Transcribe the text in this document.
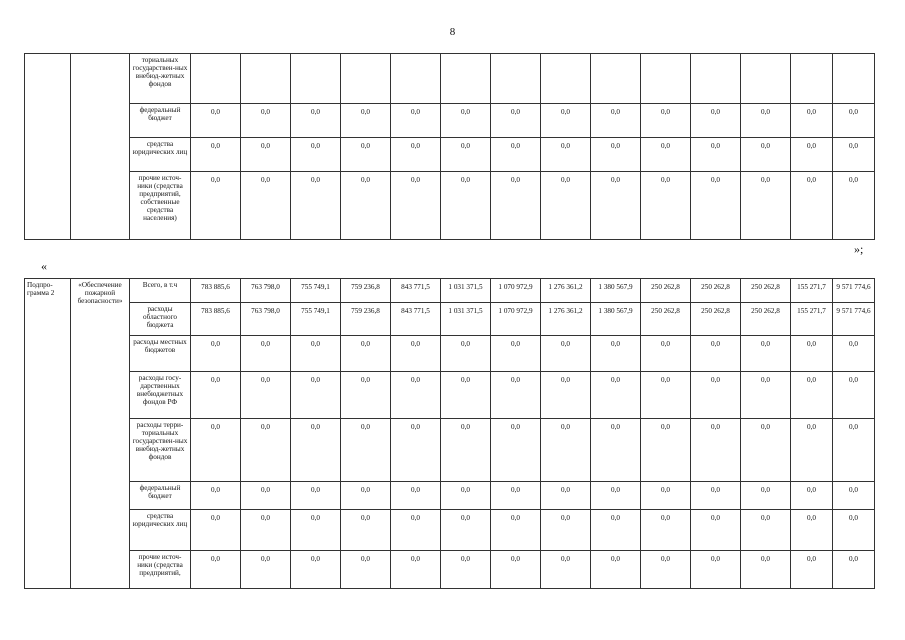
8
»;
«
		ториальных государствен-ных внебюд-жетных фондов														
		федеральный бюджет	0,0	0,0	0,0	0,0	0,0	0,0	0,0	0,0	0,0	0,0	0,0	0,0	0,0	0,0
		средства юридических лиц	0,0	0,0	0,0	0,0	0,0	0,0	0,0	0,0	0,0	0,0	0,0	0,0	0,0	0,0
		прочие источ-ники (средства предприятий, собственные средства населения)	0,0	0,0	0,0	0,0	0,0	0,0	0,0	0,0	0,0	0,0	0,0	0,0	0,0	0,0
Подпро-грамма 2	«Обеспечение пожарной безопасности»	Всего, в т.ч	783 885,6	763 798,0	755 749,1	759 236,8	843 771,5	1 031 371,5	1 070 972,9	1 276 361,2	1 380 567,9	250 262,8	250 262,8	250 262,8	155 271,7	9 571 774,6
		расходы областного бюджета	783 885,6	763 798,0	755 749,1	759 236,8	843 771,5	1 031 371,5	1 070 972,9	1 276 361,2	1 380 567,9	250 262,8	250 262,8	250 262,8	155 271,7	9 571 774,6
		расходы местных бюджетов	0,0	0,0	0,0	0,0	0,0	0,0	0,0	0,0	0,0	0,0	0,0	0,0	0,0	0,0
		расходы госу-дарственных внебюджетных фондов РФ	0,0	0,0	0,0	0,0	0,0	0,0	0,0	0,0	0,0	0,0	0,0	0,0	0,0	0,0
		расходы терри-ториальных государствен-ных внебюд-жетных фондов	0,0	0,0	0,0	0,0	0,0	0,0	0,0	0,0	0,0	0,0	0,0	0,0	0,0	0,0
		федеральный бюджет	0,0	0,0	0,0	0,0	0,0	0,0	0,0	0,0	0,0	0,0	0,0	0,0	0,0	0,0
		средства юридических лиц	0,0	0,0	0,0	0,0	0,0	0,0	0,0	0,0	0,0	0,0	0,0	0,0	0,0	0,0
		прочие источ-ники (средства предприятий,	0,0	0,0	0,0	0,0	0,0	0,0	0,0	0,0	0,0	0,0	0,0	0,0	0,0	0,0
